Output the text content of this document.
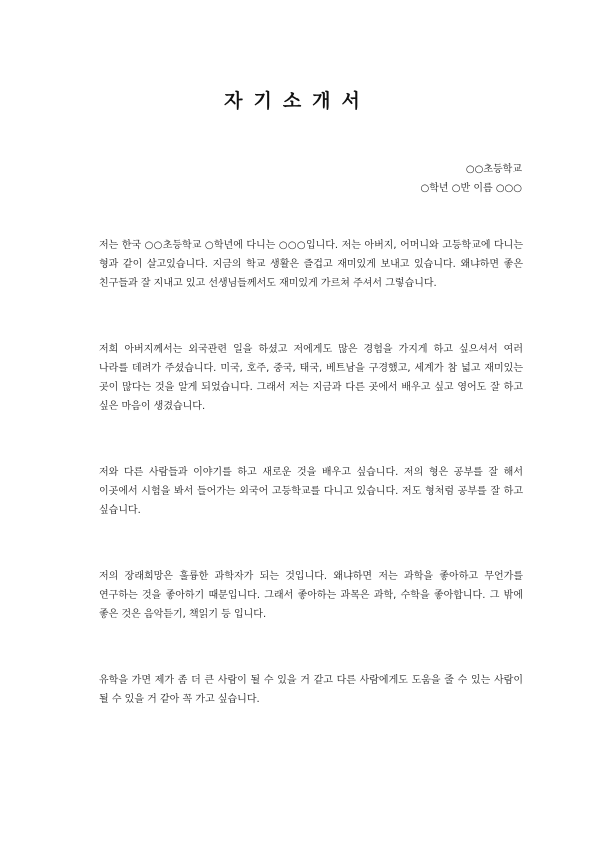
자기소개서
○○초등학교
○학년 ○반 이름 ○○○

저는 한국 ○○초등학교 ○학년에 다니는 ○○○입니다. 저는 아버지, 어머니와 고등학교에 다니는 형과 같이 살고있습니다. 지금의 학교 생활은 즐겁고 재미있게 보내고 있습니다. 왜냐하면 좋은 친구들과 잘 지내고 있고 선생님들께서도 재미있게 가르쳐 주셔서 그렇습니다.

저희 아버지께서는 외국관련 일을 하셨고 저에게도 많은 경험을 가지게 하고 싶으셔서 여러 나라를 데려가 주셨습니다. 미국, 호주, 중국, 태국, 베트남을 구경했고, 세계가 참 넓고 재미있는 곳이 많다는 것을 알게 되었습니다. 그래서 저는 지금과 다른 곳에서 배우고 싶고 영어도 잘 하고 싶은 마음이 생겼습니다.

저와 다른 사람들과 이야기를 하고 새로운 것을 배우고 싶습니다. 저의 형은 공부를 잘 해서 이곳에서 시험을 봐서 들어가는 외국어 고등학교를 다니고 있습니다. 저도 형처럼 공부를 잘 하고 싶습니다.

저의 장래희망은 훌륭한 과학자가 되는 것입니다. 왜냐하면 저는 과학을 좋아하고 무언가를 연구하는 것을 좋아하기 때문입니다. 그래서 좋아하는 과목은 과학, 수학을 좋아합니다. 그 밖에 좋은 것은 음악듣기, 책읽기 등 입니다.

유학을 가면 제가 좀 더 큰 사람이 될 수 있을 거 같고 다른 사람에게도 도움을 줄 수 있는 사람이 될 수 있을 거 같아 꼭 가고 싶습니다.
